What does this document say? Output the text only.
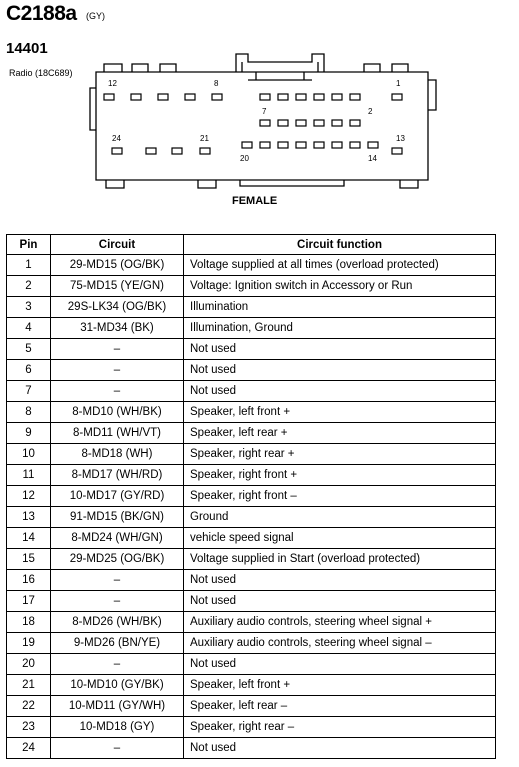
C2188a (GY)
14401
Radio (18C689)
12	8	1
7	2
24	21	13
20	14
FEMALE
Pin	Circuit	Circuit function
1	29-MD15 (OG/BK)	Voltage supplied at all times (overload protected)
2	75-MD15 (YE/GN)	Voltage: Ignition switch in Accessory or Run
3	29S-LK34 (OG/BK)	Illumination
4	31-MD34 (BK)	Illumination, Ground
5	–	Not used
6	–	Not used
7	–	Not used
8	8-MD10 (WH/BK)	Speaker, left front +
9	8-MD11 (WH/VT)	Speaker, left rear +
10	8-MD18 (WH)	Speaker, right rear +
11	8-MD17 (WH/RD)	Speaker, right front +
12	10-MD17 (GY/RD)	Speaker, right front –
13	91-MD15 (BK/GN)	Ground
14	8-MD24 (WH/GN)	vehicle speed signal
15	29-MD25 (OG/BK)	Voltage supplied in Start (overload protected)
16	–	Not used
17	–	Not used
18	8-MD26 (WH/BK)	Auxiliary audio controls, steering wheel signal +
19	9-MD26 (BN/YE)	Auxiliary audio controls, steering wheel signal –
20	–	Not used
21	10-MD10 (GY/BK)	Speaker, left front +
22	10-MD11 (GY/WH)	Speaker, left rear –
23	10-MD18 (GY)	Speaker, right rear –
24	–	Not used
